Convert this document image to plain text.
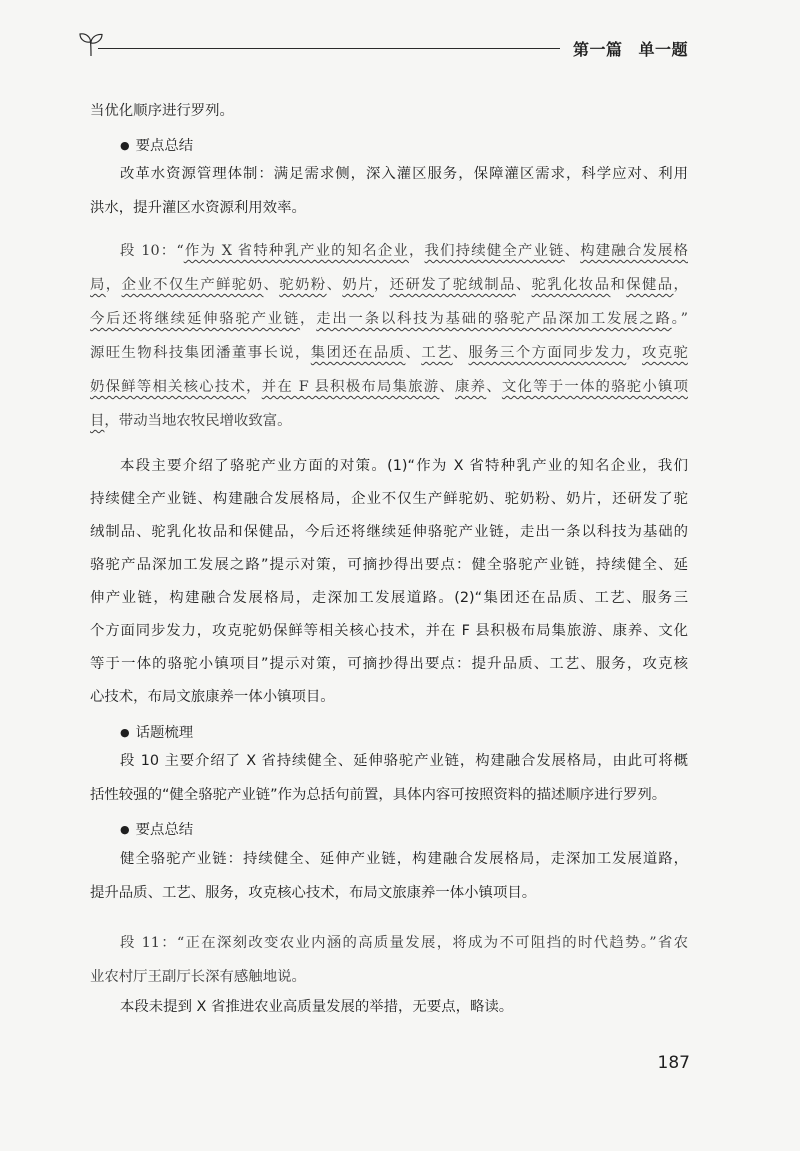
第一篇 单一题
当优化顺序进行罗列。
● 要点总结
改革水资源管理体制：满足需求侧，深入灌区服务，保障灌区需求，科学应对、利用
洪水，提升灌区水资源利用效率。
段 10：“作为 X 省特种乳产业的知名企业，我们持续健全产业链、构建融合发展格
局，企业不仅生产鲜驼奶、驼奶粉、奶片，还研发了驼绒制品、驼乳化妆品和保健品，
今后还将继续延伸骆驼产业链，走出一条以科技为基础的骆驼产品深加工发展之路。”
源旺生物科技集团潘董事长说，集团还在品质、工艺、服务三个方面同步发力，攻克驼
奶保鲜等相关核心技术，并在 F 县积极布局集旅游、康养、文化等于一体的骆驼小镇项
目，带动当地农牧民增收致富。
本段主要介绍了骆驼产业方面的对策。(1)“作为 X 省特种乳产业的知名企业，我们
持续健全产业链、构建融合发展格局，企业不仅生产鲜驼奶、驼奶粉、奶片，还研发了驼
绒制品、驼乳化妆品和保健品，今后还将继续延伸骆驼产业链，走出一条以科技为基础的
骆驼产品深加工发展之路”提示对策，可摘抄得出要点：健全骆驼产业链，持续健全、延
伸产业链，构建融合发展格局，走深加工发展道路。(2)“集团还在品质、工艺、服务三
个方面同步发力，攻克驼奶保鲜等相关核心技术，并在 F 县积极布局集旅游、康养、文化
等于一体的骆驼小镇项目”提示对策，可摘抄得出要点：提升品质、工艺、服务，攻克核
心技术，布局文旅康养一体小镇项目。
● 话题梳理
段 10 主要介绍了 X 省持续健全、延伸骆驼产业链，构建融合发展格局，由此可将概
括性较强的“健全骆驼产业链”作为总括句前置，具体内容可按照资料的描述顺序进行罗列。
● 要点总结
健全骆驼产业链：持续健全、延伸产业链，构建融合发展格局，走深加工发展道路，
提升品质、工艺、服务，攻克核心技术，布局文旅康养一体小镇项目。
段 11：“正在深刻改变农业内涵的高质量发展，将成为不可阻挡的时代趋势。”省农
业农村厅王副厅长深有感触地说。
本段未提到 X 省推进农业高质量发展的举措，无要点，略读。
187
